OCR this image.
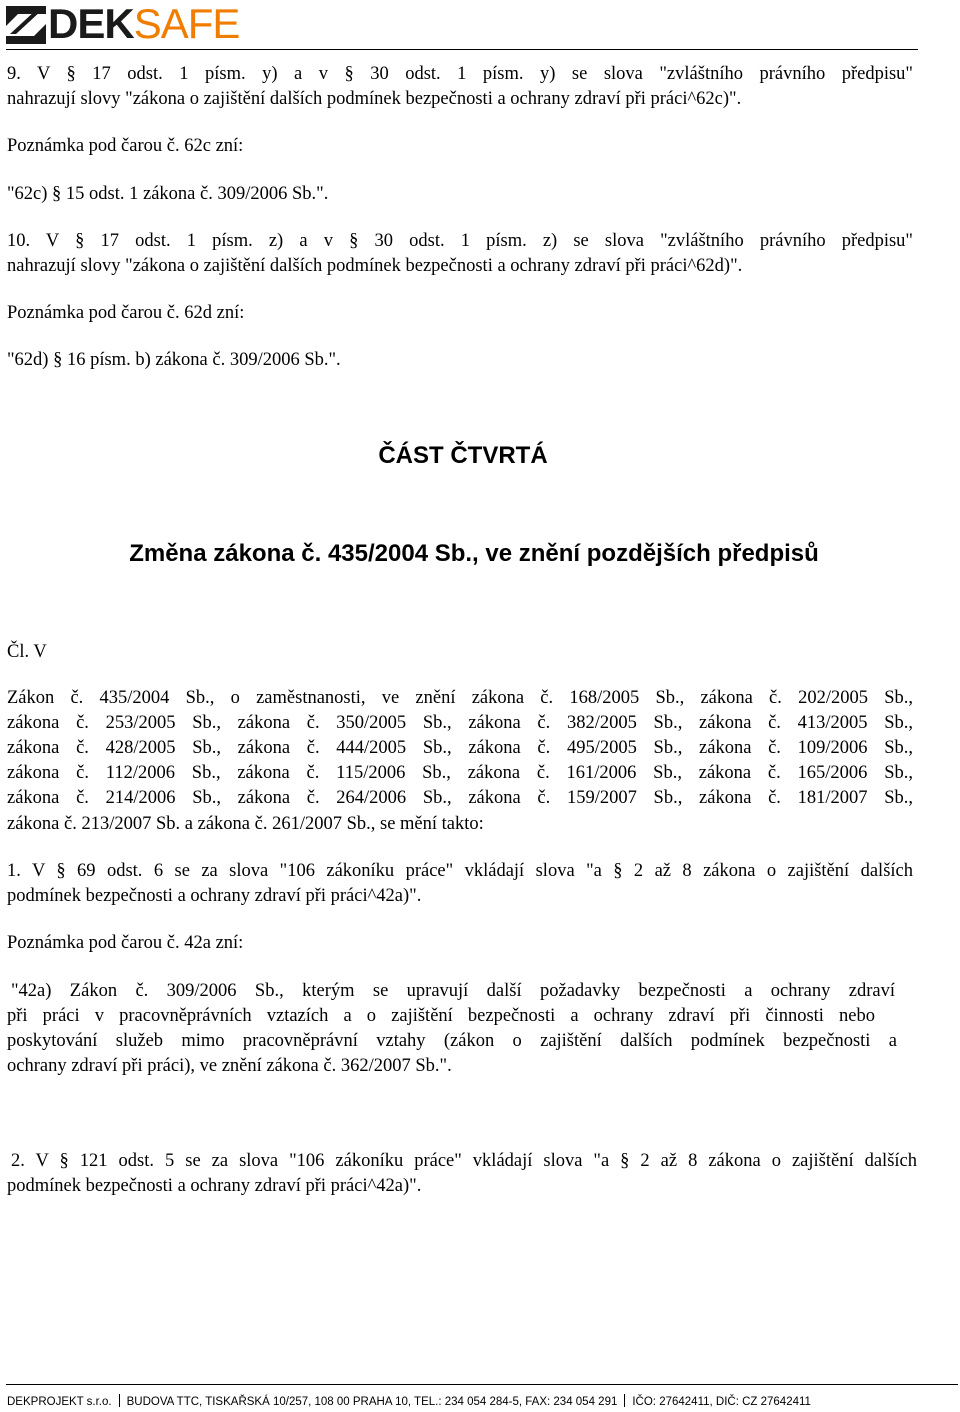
DEK SAFE

9. V § 17 odst. 1 písm. y) a v § 30 odst. 1 písm. y) se slova "zvláštního právního předpisu"

nahrazují slovy "zákona o zajištění dalších podmínek bezpečnosti a ochrany zdraví při práci^62c)".

Poznámka pod čarou č. 62c zní:

"62c) § 15 odst. 1 zákona č. 309/2006 Sb.".

10. V § 17 odst. 1 písm. z) a v § 30 odst. 1 písm. z) se slova "zvláštního právního předpisu"

nahrazují slovy "zákona o zajištění dalších podmínek bezpečnosti a ochrany zdraví při práci^62d)".

Poznámka pod čarou č. 62d zní:

"62d) § 16 písm. b) zákona č. 309/2006 Sb.".

ČÁST ČTVRTÁ
Změna zákona č. 435/2004 Sb., ve znění pozdějších předpisů

Čl. V

Zákon č. 435/2004 Sb., o zaměstnanosti, ve znění zákona č. 168/2005 Sb., zákona č. 202/2005 Sb.,

zákona č. 253/2005 Sb., zákona č. 350/2005 Sb., zákona č. 382/2005 Sb., zákona č. 413/2005 Sb.,

zákona č. 428/2005 Sb., zákona č. 444/2005 Sb., zákona č. 495/2005 Sb., zákona č. 109/2006 Sb.,

zákona č. 112/2006 Sb., zákona č. 115/2006 Sb., zákona č. 161/2006 Sb., zákona č. 165/2006 Sb.,

zákona č. 214/2006 Sb., zákona č. 264/2006 Sb., zákona č. 159/2007 Sb., zákona č. 181/2007 Sb.,

zákona č. 213/2007 Sb. a zákona č. 261/2007 Sb., se mění takto:

1. V § 69 odst. 6 se za slova "106 zákoníku práce" vkládají slova "a § 2 až 8 zákona o zajištění dalších

podmínek bezpečnosti a ochrany zdraví při práci^42a)".

Poznámka pod čarou č. 42a zní:

"42a) Zákon č. 309/2006 Sb., kterým se upravují další požadavky bezpečnosti a ochrany zdraví

při práci v pracovněprávních vztazích a o zajištění bezpečnosti a ochrany zdraví při činnosti nebo

poskytování služeb mimo pracovněprávní vztahy (zákon o zajištění dalších podmínek bezpečnosti a

ochrany zdraví při práci), ve znění zákona č. 362/2007 Sb.".

2. V § 121 odst. 5 se za slova "106 zákoníku práce" vkládají slova "a § 2 až 8 zákona o zajištění dalších

podmínek bezpečnosti a ochrany zdraví při práci^42a)".

DEKPROJEKT s.r.o. BUDOVA TTC, TISKAŘSKÁ 10/257, 108 00 PRAHA 10, TEL.: 234 054 284-5, FAX: 234 054 291 IČO: 27642411, DIČ: CZ 27642411
